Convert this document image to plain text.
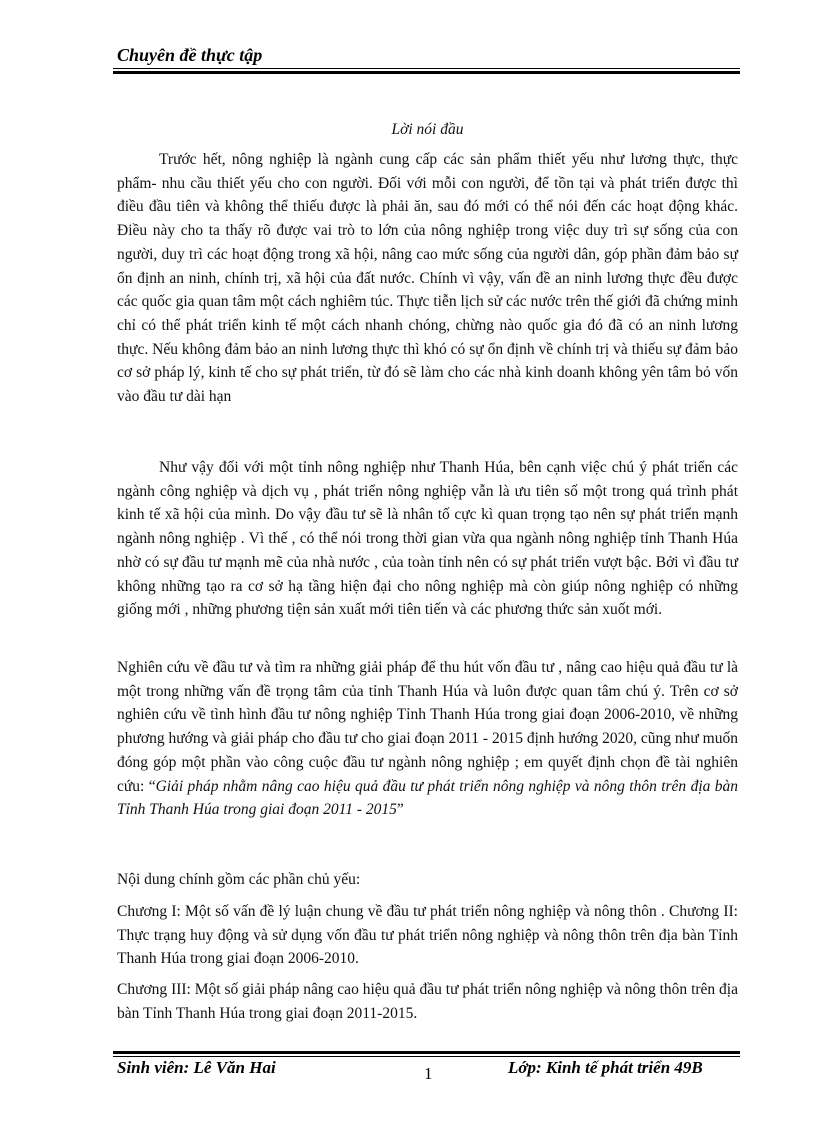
Chuyên đề thực tập

Lời nói đầu

Trước hết, nông nghiệp là ngành cung cấp các sản phẩm thiết yếu như lương thực, thực phẩm- nhu cầu thiết yếu cho con người. Đối với mỗi con người, để tồn tại và phát triển được thì điều đầu tiên và không thể thiếu được là phải ăn, sau đó mới có thể nói đến các hoạt động khác. Điều này cho ta thấy rõ được vai trò to lớn của nông nghiệp trong việc duy trì sự sống của con người, duy trì các hoạt động trong xã hội, nâng cao mức sống của người dân, góp phần đảm bảo sự ổn định an ninh, chính trị, xã hội của đất nước. Chính vì vậy, vấn đề an ninh lương thực đều được các quốc gia quan tâm một cách nghiêm túc. Thực tiễn lịch sử các nước trên thế giới đã chứng minh chỉ có thể phát triển kinh tế một cách nhanh chóng, chừng nào quốc gia đó đã có an ninh lương thực. Nếu không đảm bảo an ninh lương thực thì khó có sự ổn định về chính trị và thiếu sự đảm bảo cơ sở pháp lý, kinh tế cho sự phát triển, từ đó sẽ làm cho các nhà kinh doanh không yên tâm bỏ vốn vào đầu tư dài hạn

Như vậy đối với một tỉnh nông nghiệp như Thanh Húa, bên cạnh việc chú ý phát triển các ngành công nghiệp và dịch vụ , phát triển nông nghiệp vẫn là ưu tiên số một trong quá trình phát kinh tế xã hội của mình. Do vậy đầu tư sẽ là nhân tố cực kì quan trọng tạo nên sự phát triển mạnh ngành nông nghiệp . Vì thế , có thể nói trong thời gian vừa qua ngành nông nghiệp tỉnh Thanh Húa nhờ có sự đầu tư mạnh mẽ của nhà nước , của toàn tỉnh nên có sự phát triển vượt bậc. Bởi vì đầu tư không những tạo ra cơ sở hạ tầng hiện đại cho nông nghiệp mà còn giúp nông nghiệp có những giống mới , những phương tiện sản xuất mới tiên tiến và các phương thức sản xuốt mới.

Nghiên cứu về đầu tư và tìm ra những giải pháp để thu hút vốn đầu tư , nâng cao hiệu quả đầu tư là một trong những vấn đề trọng tâm của tỉnh Thanh Húa và luôn được quan tâm chú ý. Trên cơ sở nghiên cứu về tình hình đầu tư nông nghiệp Tỉnh Thanh Húa trong giai đoạn 2006-2010, về những phương hướng và giải pháp cho đầu tư cho giai đoạn 2011 - 2015 định hướng 2020, cũng như muốn đóng góp một phần vào công cuộc đầu tư ngành nông nghiệp ; em quyết định chọn đề tài nghiên cứu: “Giải pháp nhằm nâng cao hiệu quả đầu tư phát triển nông nghiệp và nông thôn trên địa bàn Tỉnh Thanh Húa trong giai đoạn 2011 - 2015”

Nội dung chính gồm các phần chủ yếu:

Chương I: Một số vấn đề lý luận chung về đầu tư phát triển nông nghiệp và nông thôn . Chương II: Thực trạng huy động và sử dụng vốn đầu tư phát triển nông nghiệp và nông thôn trên địa bàn Tỉnh Thanh Húa trong giai đoạn 2006-2010.

Chương III: Một số giải pháp nâng cao hiệu quả đầu tư phát triển nông nghiệp và nông thôn trên địa bàn Tỉnh Thanh Húa trong giai đoạn 2011-2015.

Sinh viên: Lê Văn Hai	1	Lớp: Kinh tế phát triển 49B
